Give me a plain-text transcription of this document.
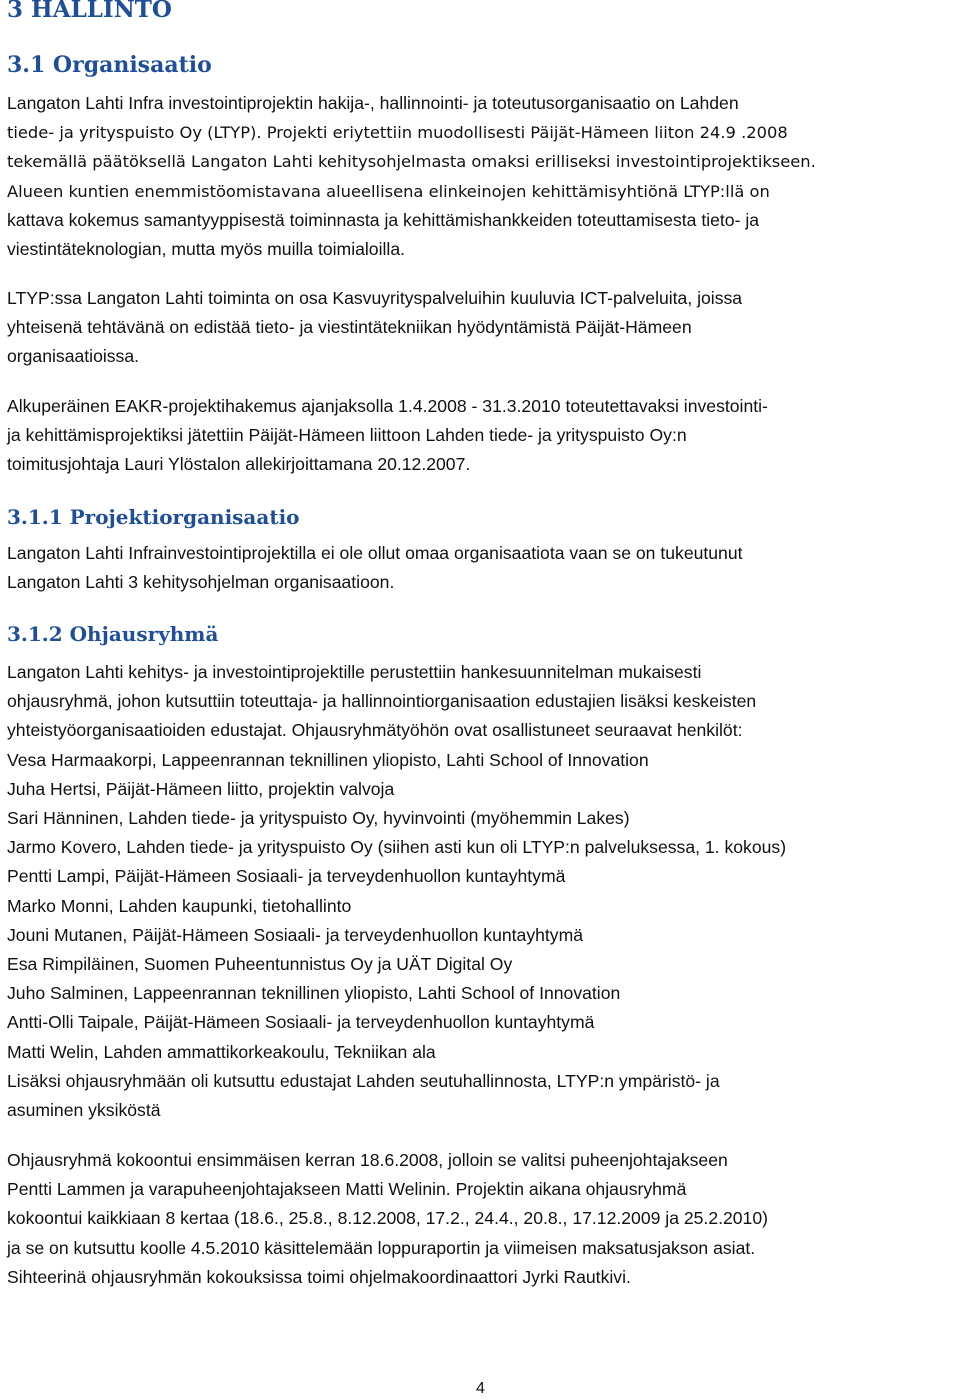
3 HALLINTO
3.1 Organisaatio
Langaton Lahti Infra investointiprojektin hakija-, hallinnointi- ja toteutusorganisaatio on Lahden
tiede- ja yrityspuisto Oy (LTYP). Projekti eriytettiin muodollisesti Päijät-Hämeen liiton 24.9 .2008
tekemällä päätöksellä Langaton Lahti kehitysohjelmasta omaksi erilliseksi investointiprojektikseen.
Alueen kuntien enemmistöomistavana alueellisena elinkeinojen kehittämisyhtiönä LTYP:llä on
kattava kokemus samantyyppisestä toiminnasta ja kehittämishankkeiden toteuttamisesta tieto- ja
viestintäteknologian, mutta myös muilla toimialoilla.
LTYP:ssa Langaton Lahti toiminta on osa Kasvuyrityspalveluihin kuuluvia ICT-palveluita, joissa
yhteisenä tehtävänä on edistää tieto- ja viestintätekniikan hyödyntämistä Päijät-Hämeen
organisaatioissa.
Alkuperäinen EAKR-projektihakemus ajanjaksolla 1.4.2008 - 31.3.2010 toteutettavaksi investointi-
ja kehittämisprojektiksi jätettiin Päijät-Hämeen liittoon Lahden tiede- ja yrityspuisto Oy:n
toimitusjohtaja Lauri Ylöstalon allekirjoittamana 20.12.2007.
3.1.1 Projektiorganisaatio
Langaton Lahti Infrainvestointiprojektilla ei ole ollut omaa organisaatiota vaan se on tukeutunut
Langaton Lahti 3 kehitysohjelman organisaatioon.
3.1.2 Ohjausryhmä
Langaton Lahti kehitys- ja investointiprojektille perustettiin hankesuunnitelman mukaisesti
ohjausryhmä, johon kutsuttiin toteuttaja- ja hallinnointiorganisaation edustajien lisäksi keskeisten
yhteistyöorganisaatioiden edustajat. Ohjausryhmätyöhön ovat osallistuneet seuraavat henkilöt:
Vesa Harmaakorpi, Lappeenrannan teknillinen yliopisto, Lahti School of Innovation
Juha Hertsi, Päijät-Hämeen liitto, projektin valvoja
Sari Hänninen, Lahden tiede- ja yrityspuisto Oy, hyvinvointi (myöhemmin Lakes)
Jarmo Kovero, Lahden tiede- ja yrityspuisto Oy (siihen asti kun oli LTYP:n palveluksessa, 1. kokous)
Pentti Lampi, Päijät-Hämeen Sosiaali- ja terveydenhuollon kuntayhtymä
Marko Monni, Lahden kaupunki, tietohallinto
Jouni Mutanen, Päijät-Hämeen Sosiaali- ja terveydenhuollon kuntayhtymä
Esa Rimpiläinen, Suomen Puheentunnistus Oy ja UÄT Digital Oy
Juho Salminen, Lappeenrannan teknillinen yliopisto, Lahti School of Innovation
Antti-Olli Taipale, Päijät-Hämeen Sosiaali- ja terveydenhuollon kuntayhtymä
Matti Welin, Lahden ammattikorkeakoulu, Tekniikan ala
Lisäksi ohjausryhmään oli kutsuttu edustajat Lahden seutuhallinnosta, LTYP:n ympäristö- ja
asuminen yksiköstä
Ohjausryhmä kokoontui ensimmäisen kerran 18.6.2008, jolloin se valitsi puheenjohtajakseen
Pentti Lammen ja varapuheenjohtajakseen Matti Welinin. Projektin aikana ohjausryhmä
kokoontui kaikkiaan 8 kertaa (18.6., 25.8., 8.12.2008, 17.2., 24.4., 20.8., 17.12.2009 ja 25.2.2010)
ja se on kutsuttu koolle 4.5.2010 käsittelemään loppuraportin ja viimeisen maksatusjakson asiat.
Sihteerinä ohjausryhmän kokouksissa toimi ohjelmakoordinaattori Jyrki Rautkivi.
4
